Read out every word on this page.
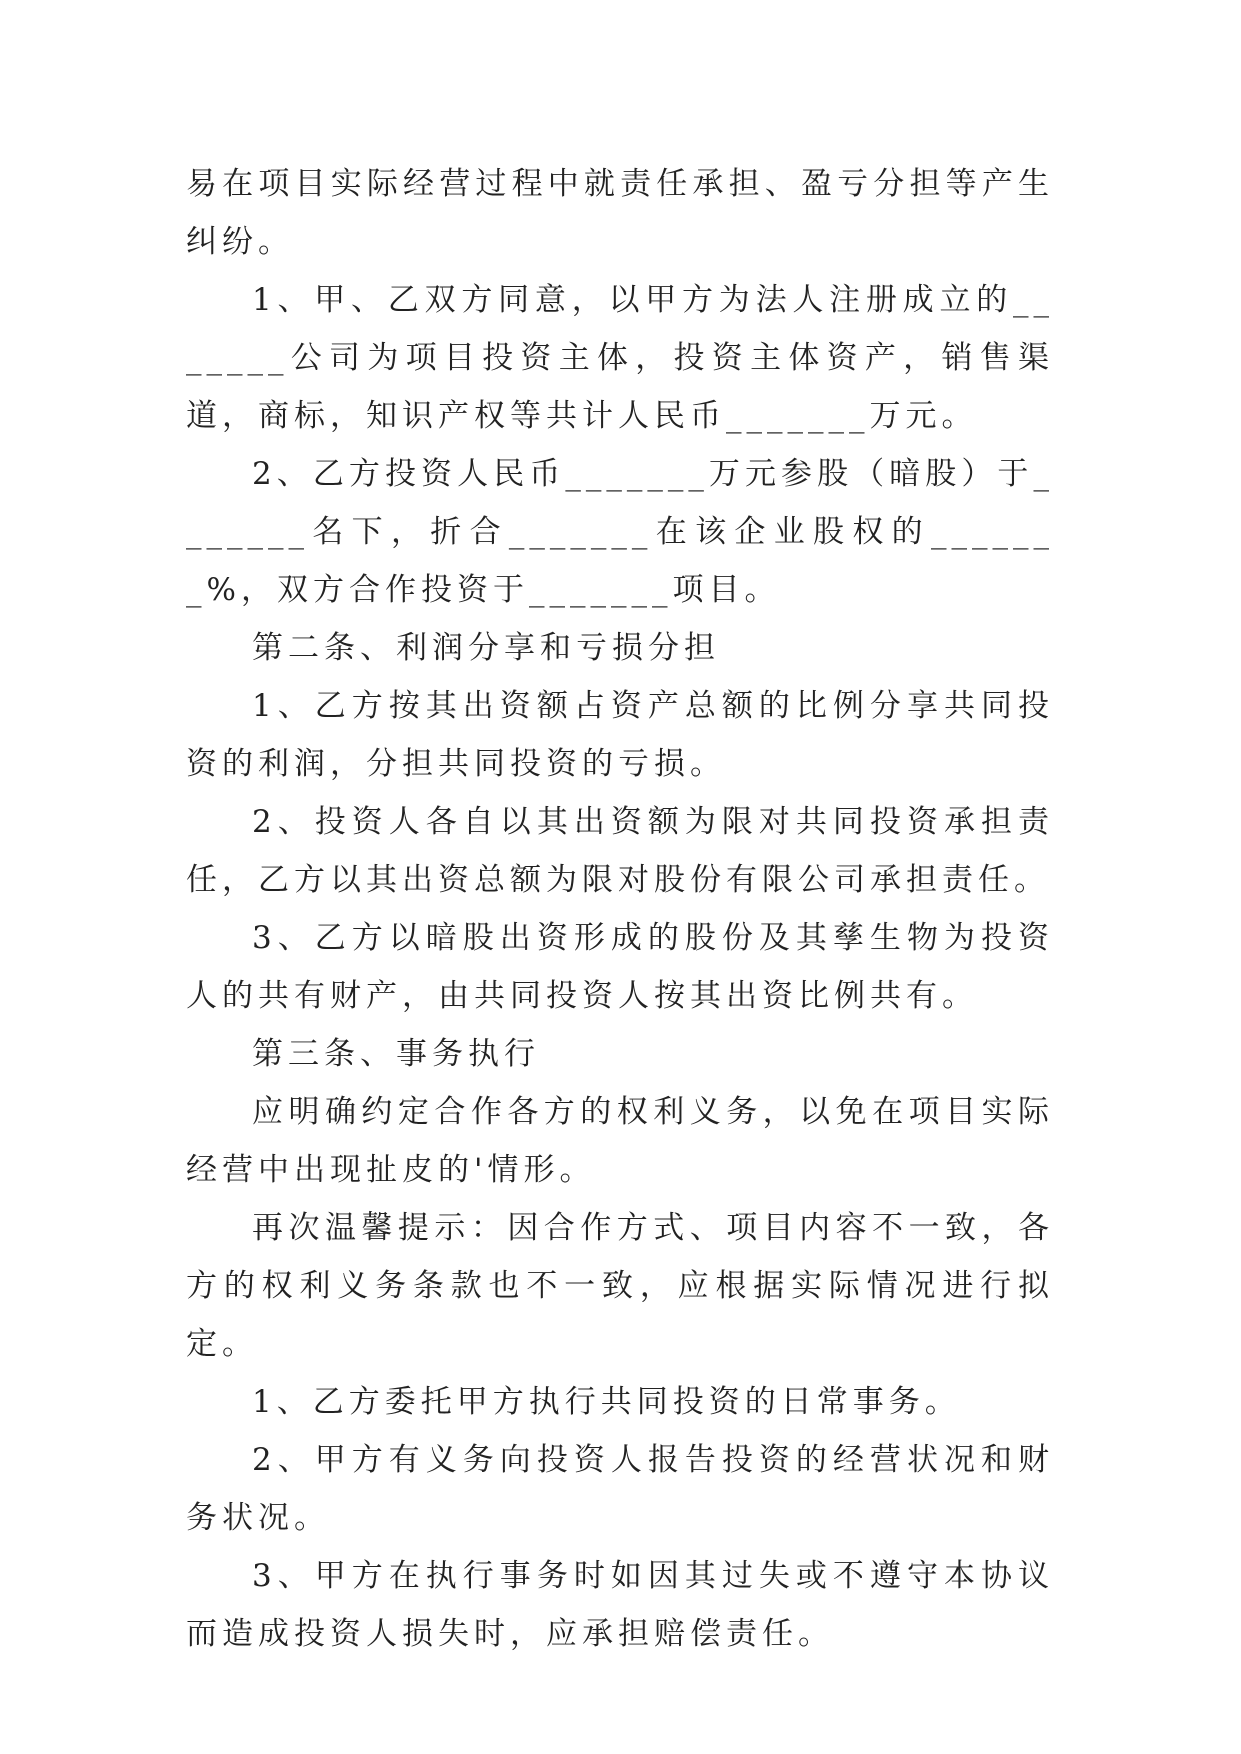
易在项目实际经营过程中就责任承担、盈亏分担等产生纠纷。

1、甲、乙双方同意，以甲方为法人注册成立的_______公司为项目投资主体，投资主体资产，销售渠道，商标，知识产权等共计人民币_______万元。

2、乙方投资人民币_______万元参股（暗股）于_______名下，折合_______在该企业股权的_______%，双方合作投资于_______项目。

第二条、利润分享和亏损分担

1、乙方按其出资额占资产总额的比例分享共同投资的利润，分担共同投资的亏损。

2、投资人各自以其出资额为限对共同投资承担责任，乙方以其出资总额为限对股份有限公司承担责任。

3、乙方以暗股出资形成的股份及其孳生物为投资人的共有财产，由共同投资人按其出资比例共有。

第三条、事务执行

应明确约定合作各方的权利义务，以免在项目实际经营中出现扯皮的'情形。

再次温馨提示：因合作方式、项目内容不一致，各方的权利义务条款也不一致，应根据实际情况进行拟定。

1、乙方委托甲方执行共同投资的日常事务。

2、甲方有义务向投资人报告投资的经营状况和财务状况。

3、甲方在执行事务时如因其过失或不遵守本协议而造成投资人损失时，应承担赔偿责任。
